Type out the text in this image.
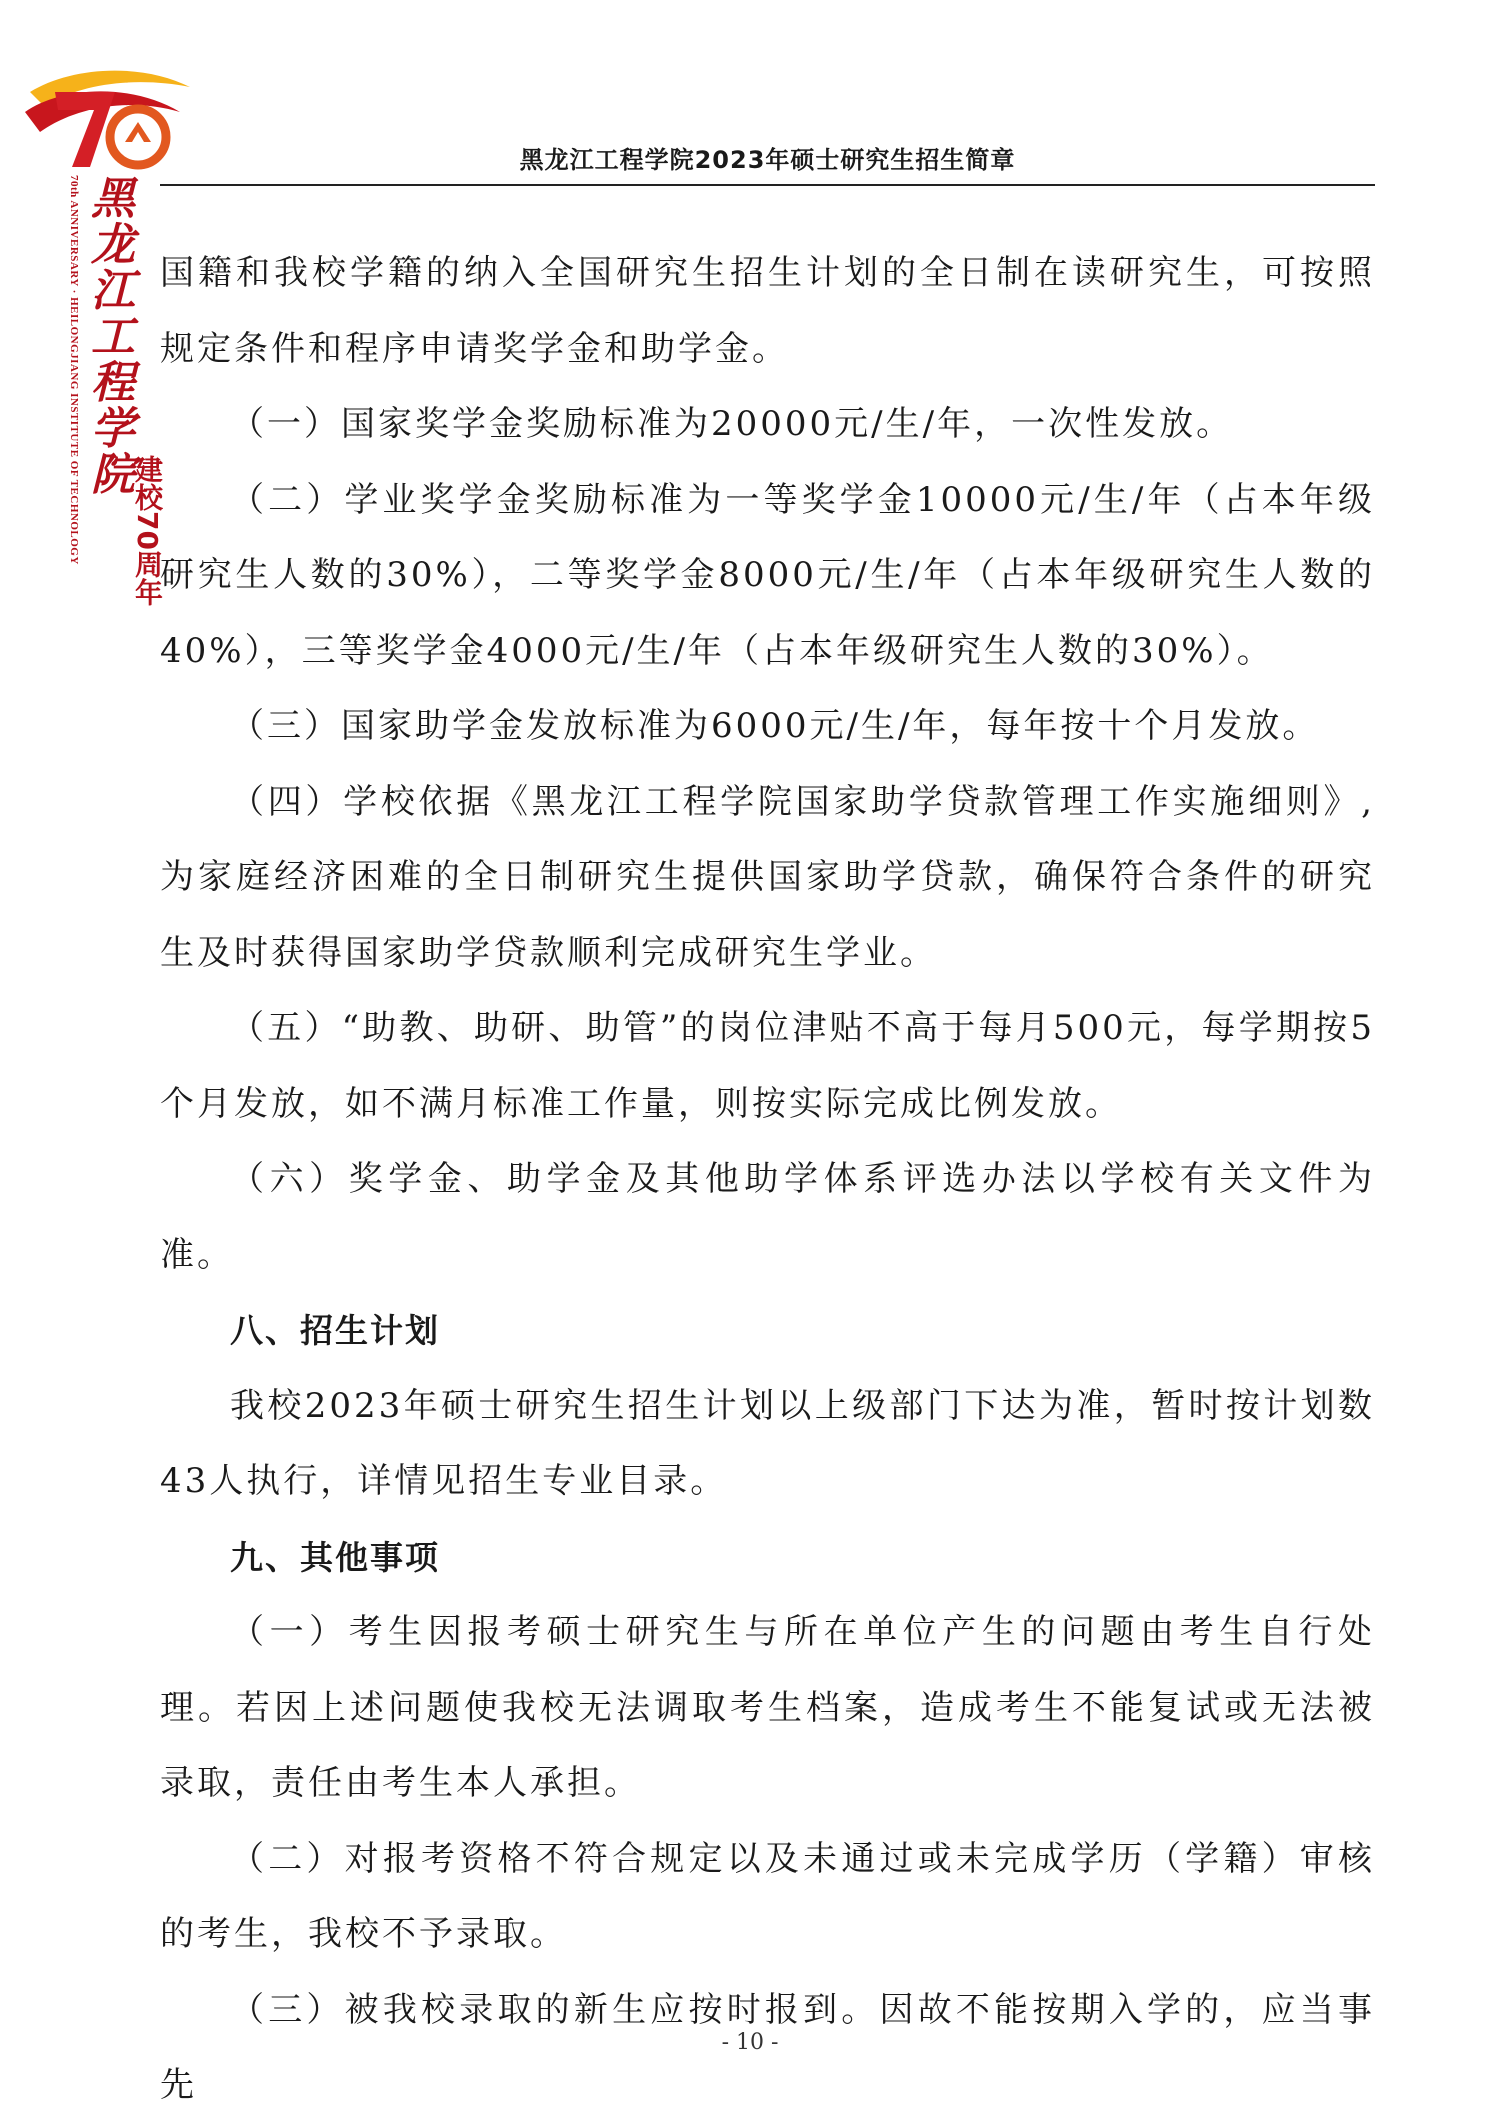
70th ANNIVERSARY · HEILONGJIANG INSTITUTE OF TECHNOLOGY 黑龙江工程学院
建校70周年
黑龙江工程学院2023年硕士研究生招生简章

国籍和我校学籍的纳入全国研究生招生计划的全日制在读研究生，可按照规定条件和程序申请奖学金和助学金。

（一）国家奖学金奖励标准为20000元/生/年，一次性发放。

（二）学业奖学金奖励标准为一等奖学金10000元/生/年（占本年级研究生人数的30%），二等奖学金8000元/生/年（占本年级研究生人数的40%），三等奖学金4000元/生/年（占本年级研究生人数的30%）。

（三）国家助学金发放标准为6000元/生/年，每年按十个月发放。

（四）学校依据《黑龙江工程学院国家助学贷款管理工作实施细则》,为家庭经济困难的全日制研究生提供国家助学贷款，确保符合条件的研究生及时获得国家助学贷款顺利完成研究生学业。

（五）“助教、助研、助管”的岗位津贴不高于每月500元，每学期按5个月发放，如不满月标准工作量，则按实际完成比例发放。

（六）奖学金、助学金及其他助学体系评选办法以学校有关文件为准。

八、招生计划

我校2023年硕士研究生招生计划以上级部门下达为准，暂时按计划数43人执行，详情见招生专业目录。

九、其他事项

（一）考生因报考硕士研究生与所在单位产生的问题由考生自行处理。若因上述问题使我校无法调取考生档案，造成考生不能复试或无法被录取，责任由考生本人承担。

（二）对报考资格不符合规定以及未通过或未完成学历（学籍）审核的考生，我校不予录取。

（三）被我校录取的新生应按时报到。因故不能按期入学的，应当事先

- 10 -
